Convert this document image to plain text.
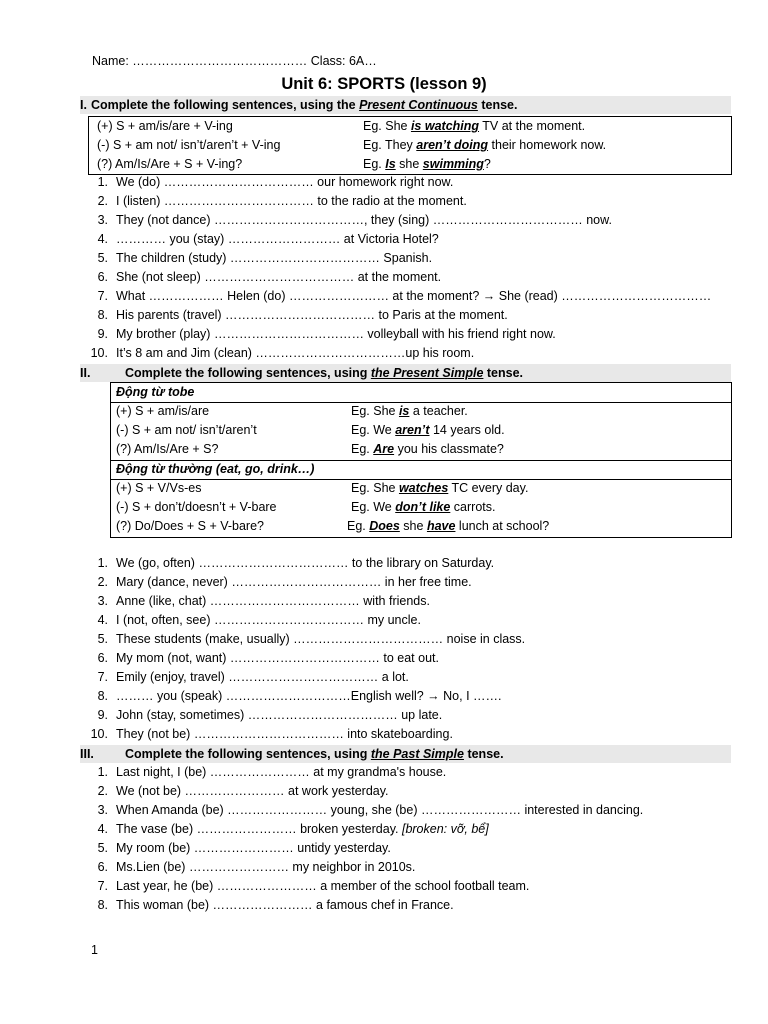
Name: …………………………………… Class: 6A…
Unit 6: SPORTS (lesson 9)
I. Complete the following sentences, using the Present Continuous tense.
(+) S + am/is/are + V-ing	Eg. She is watching TV at the moment.
(-) S + am not/ isn’t/aren’t + V-ing	Eg. They aren’t doing their homework now.
(?) Am/Is/Are + S + V-ing?	Eg. Is she swimming?
1. We (do) ……………………………… our homework right now.
2. I (listen) ……………………………… to the radio at the moment.
3. They (not dance) ………………………………, they (sing) ……………………………… now.
4. ………… you (stay) ……………………… at Victoria Hotel?
5. The children (study) ……………………………… Spanish.
6. She (not sleep) ……………………………… at the moment.
7. What ……………… Helen (do) …………………… at the moment? → She (read) ………………………………
8. His parents (travel) ……………………………… to Paris at the moment.
9. My brother (play) ……………………………… volleyball with his friend right now.
10. It’s 8 am and Jim (clean) ………………………………up his room.
II.	Complete the following sentences, using the Present Simple tense.
Động từ tobe
(+) S + am/is/are	Eg. She is a teacher.
(-) S + am not/ isn’t/aren’t	Eg. We aren’t 14 years old.
(?) Am/Is/Are + S?	Eg. Are you his classmate?
Động từ thường (eat, go, drink…)
(+) S + V/Vs-es	Eg. She watches TC every day.
(-) S + don’t/doesn’t + V-bare	Eg. We don’t like carrots.
(?) Do/Does + S + V-bare?	Eg. Does she have lunch at school?
1. We (go, often) ……………………………… to the library on Saturday.
2. Mary (dance, never) ……………………………… in her free time.
3. Anne (like, chat) ……………………………… with friends.
4. I (not, often, see) ……………………………… my uncle.
5. These students (make, usually) ……………………………… noise in class.
6. My mom (not, want) ……………………………… to eat out.
7. Emily (enjoy, travel) ……………………………… a lot.
8. ……… you (speak) …………………………English well? → No, I …….
9. John (stay, sometimes) ……………………………… up late.
10. They (not be) ……………………………… into skateboarding.
III. Complete the following sentences, using the Past Simple tense.
1. Last night, I (be) …………………… at my grandma's house.
2. We (not be) …………………… at work yesterday.
3. When Amanda (be) …………………… young, she (be) …………………… interested in dancing.
4. The vase (be) …………………… broken yesterday. [broken: vỡ, bể]
5. My room (be) …………………… untidy yesterday.
6. Ms.Lien (be) …………………… my neighbor in 2010s.
7. Last year, he (be) …………………… a member of the school football team.
8. This woman (be) …………………… a famous chef in France.
1
